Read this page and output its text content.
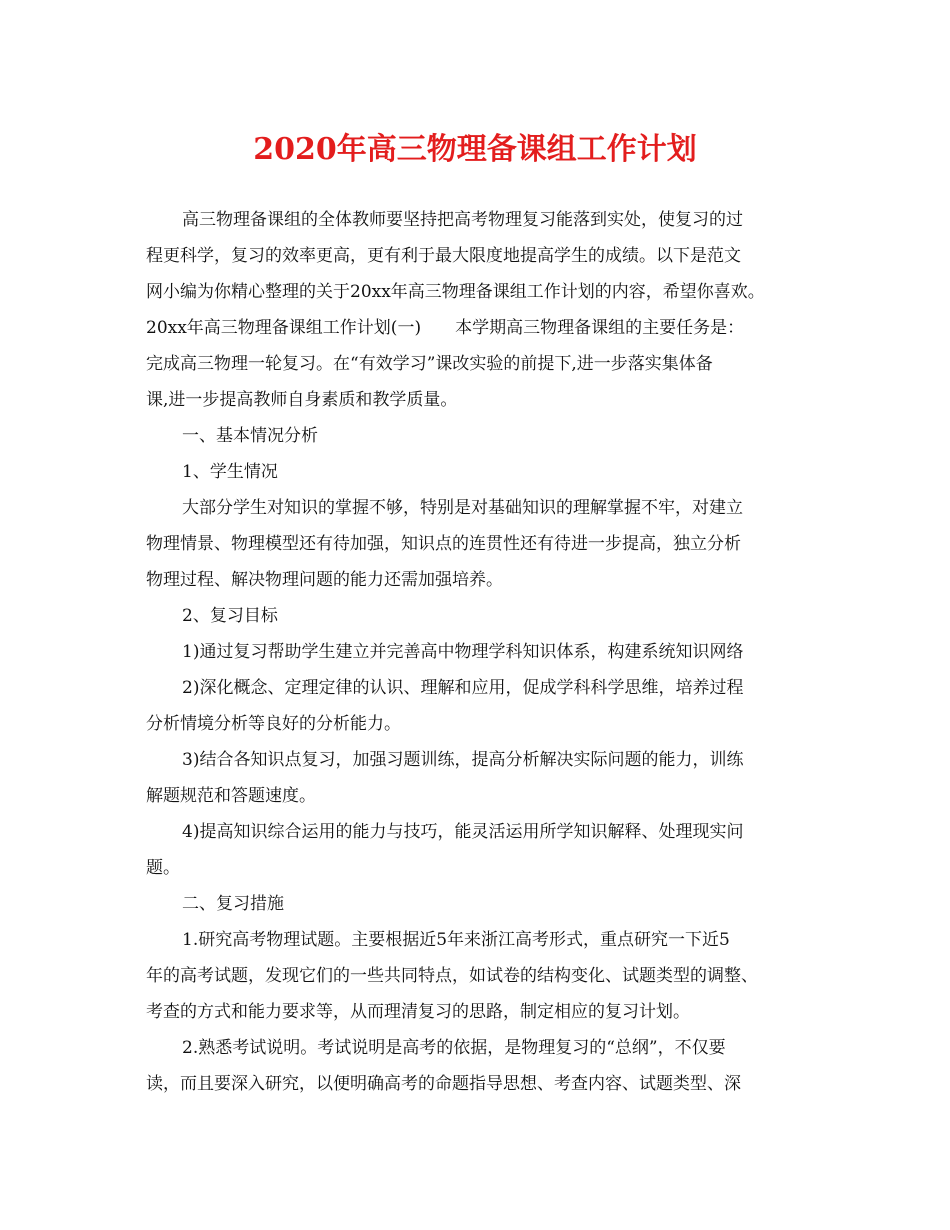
2020年高三物理备课组工作计划
高三物理备课组的全体教师要坚持把高考物理复习能落到实处，使复习的过
程更科学，复习的效率更高，更有利于最大限度地提高学生的成绩。以下是范文
网小编为你精心整理的关于20xx年高三物理备课组工作计划的内容，希望你喜欢。
20xx年高三物理备课组工作计划(一)　　本学期高三物理备课组的主要任务是：
完成高三物理一轮复习。在“有效学习”课改实验的前提下,进一步落实集体备
课,进一步提高教师自身素质和教学质量。
一、基本情况分析
1、学生情况
大部分学生对知识的掌握不够，特别是对基础知识的理解掌握不牢，对建立
物理情景、物理模型还有待加强，知识点的连贯性还有待进一步提高，独立分析
物理过程、解决物理问题的能力还需加强培养。
2、复习目标
1)通过复习帮助学生建立并完善高中物理学科知识体系，构建系统知识网络
2)深化概念、定理定律的认识、理解和应用，促成学科科学思维，培养过程
分析情境分析等良好的分析能力。
3)结合各知识点复习，加强习题训练，提高分析解决实际问题的能力，训练
解题规范和答题速度。
4)提高知识综合运用的能力与技巧，能灵活运用所学知识解释、处理现实问
题。
二、复习措施
1.研究高考物理试题。主要根据近5年来浙江高考形式，重点研究一下近5
年的高考试题，发现它们的一些共同特点，如试卷的结构变化、试题类型的调整、
考查的方式和能力要求等，从而理清复习的思路，制定相应的复习计划。
2.熟悉考试说明。考试说明是高考的依据，是物理复习的“总纲”，不仅要
读，而且要深入研究，以便明确高考的命题指导思想、考查内容、试题类型、深
